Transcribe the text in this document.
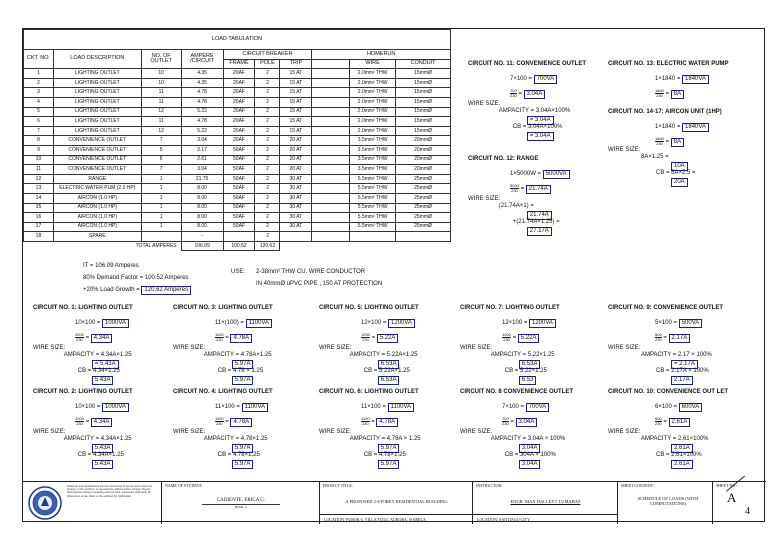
LOAD TABULATION									
CKT. NO.	LOAD DESCRIPTION	NO. OF OUTLET	AMPERE /CIRCUIT	CIRCUIT BREAKER			HOMERUN		
				FRAME	POLE	TRIP		WIRE	CONDUIT
1	LIGHTING OUTLET	10	4.35	20AF	2	15 AT		2.0mm² THW	15mmØ
2	LIGHTING OUTLET	10	4.35	20AF	2	15 AT		2.0mm² THW	15mmØ
3	LIGHTING OUTLET	11	4.78	20AF	2	15 AT		2.0mm² THW	15mmØ
4	LIGHTING OUTLET	11	4.78	20AF	2	15 AT		2.0mm² THW	15mmØ
5	LIGHTING OUTLET	12	5.22	20AF	2	15 AT		2.0mm² THW	15mmØ
6	LIGHTING OUTLET	11	4.78	20AF	2	15 AT		2.0mm² THW	15mmØ
7	LIGHTING OUTLET	12	5.22	20AF	2	15 AT		2.0mm² THW	15mmØ
8	CONVENIENCE OUTLET	7	3.04	20AF	2	20 AT		3.5mm² THW	20mmØ
9	CONVENIENCE OUTLET	5	2.17	50AF	2	20 AT		3.5mm² THW	20mmØ
10	CONVENIENCE OUTLET	6	2.61	50AF	2	20 AT		3.5mm² THW	20mmØ
11	CONVENIENCE OUTLET	7	3.04	50AF	2	20 AT		3.5mm² THW	20mmØ
12	RANGE	1	21.75	50AF	2	30 AT		5.5mm² THW	25mmØ
13	ELECTRIC WATER PUM (2.0 HP)	1	8.00	50AF	2	30 AT		5.5mm² THW	25mmØ
14	AIRCON (1.0 HP)	1	8.00	50AF	2	30 AT		5.5mm² THW	25mmØ
15	AIRCON (1.0 HP)	1	8.00	50AF	2	30 AT		5.5mm² THW	25mmØ
16	AIRCON (1.0 HP)	1	8.00	50AF	2	30 AT		5.5mm² THW	25mmØ
17	AIRCON (1.0 HP)	1	8.00	50AF	2	30 AT		5.5mm² THW	25mmØ
18	SPARE		-		2				
TOTAL AMPERES			106.09	100.52	120.62				
IT = 106.09 Amperes
80% Demand Factor = 100.52 Amperes
+20% Load Growth = 120.62 Amperes
USE: 2-38mm² THW CU. WIRE CONDUCTOR
IN 40mmØ uPVC PIPE , 150 AT PROTECTION
CIRCUIT NO. 1: LIGHTING OUTLET
10×100 = 1000VA
$\frac{1000}{230} = 4.34A$
WIRE SIZE:
AMPACITY = 4.34A×1.25
= 5.43A
CB = 4.34×1.25
5.43A
CIRCUIT NO. 2: LIGHTING OUTLET
10×100 = 1000VA
$\frac{1000}{230} = 4.34A$
WIRE SIZE:
AMPACITY = 4.34A×1.25
5.43A
CB = 4.34A×1.25
5.43A
CIRCUIT NO. 3: LIGHTING OUTLET
11×(100) = 1100VA
$\frac{1100}{230} = 4.78A$
WIRE SIZE:
AMPACITY = 4.78A×1.25
5.97A
CB = 4.78 × 1.25
5.97A
CIRCUIT NO. 4: LIGHTING OUTLET
11×100 = 1100VA
$\frac{1100}{230} = 4.78A$
WIRE SIZE:
AMPACITY = 4.78×1.25
5.97A
CB = 4.78×1.25
5.97A
CIRCUIT NO. 5: LIGHTING OUTLET
12×100 = 1200VA
$\frac{1200}{230} = 5.22A$
WIRE SIZE:
AMPACITY = 5.22A×1.25
6.53A
CB = 5.22A×1.25
6.53A
CIRCUIT NO. 6: LIGHTING OUTLET
11×100 = 1100VA
$\frac{1100}{230} = 4.78A$
WIRE SIZE:
AMPACITY = 4.78A × 1.25
5.97A
CB = 4.78×1.25
5.97A
CIRCUIT NO. 7: LIGHTING OUTLET
12×100 = 1200VA
$\frac{1200}{230} = 5.22A$
WIRE SIZE:
AMPACITY = 5.22×1.25
6.53A
CB = 5.22×1.25
6.53
CIRCUIT NO. 8 CONVENIENCE OUTLET
7×100 = 700VA
$\frac{700}{230} = 3.04A$
WIRE SIZE:
AMPACITY = 3.04A × 100%
3.04A
CB = 304A × 100%
3.04A
CIRCUIT NO. 9: CONVENIENCE OUTLET
5×100 = 500VA
$\frac{500}{230} = 2.17A$
WIRE SIZE:
AMPACITY = 2.17 × 100%
= 2.17A
CB = 2.17A × 100%
2.17A
CIRCUIT NO. 10: CONVENIENCE OUT LET
6×100 = 600VA
$\frac{600}{230} = 2.61A$
WIRE SIZE:
AMPACITY = 2.61×100%
2.61A
CB = 2.61×100%
2.61A
CIRCUIT NO. 11: CONVENIENCE OUTLET
7×100 = 700VA
$\frac{700}{230} = 3.04A$
WIRE SIZE:
AMPACITY = 3.04A×100%
= 3.04A
CB = 3.04A×100%
= 3.04A
CIRCUIT NO. 12: RANGE
1×5000W = 5000VA
$\frac{5000}{230} = 21.74A$
WIRE SIZE:
(21.74A×1) =
21.74A
+(21.74A×1.25) =
27.17A
CIRCUIT NO. 13: ELECTRIC WATER PUMP
1×1840 = 1840VA
$\frac{1840}{230} = 8A$
CIRCUIT NO. 14-17: AIRCON UNIT (1HP)
1×1840 = 1840VA
$\frac{1840}{230} = 8A$
WIRE SIZE:
8A×1.25 =
10A
CB = 8A×2.5 =
20A
Drawings and specifications are the instruments of service and remain the property of the architect; no reproduction without written consent. Report discrepancies before proceeding with the work. Contractor shall verify all dimensions at site. Refer to the architect for clarification.
NAME OF STUDENT:
CADIENTE, ERICA G.
BSAR - 4
PROJECT TITLE:
A PROPOSED 2-STOREY RESIDENTIAL BUILDING
LOCATION: PUROK 6, VILLA FUGU, AURORA, ISABELA
INSTRUCTOR:
ENGR. MAX HALLEYT LUMABAS
LOCATION: SANTIAGO CITY
SHEET CONTENT:
SCHEDULE OF LOADS (WITH COMPUTATIONS)
SHEET NO.:
A
4
